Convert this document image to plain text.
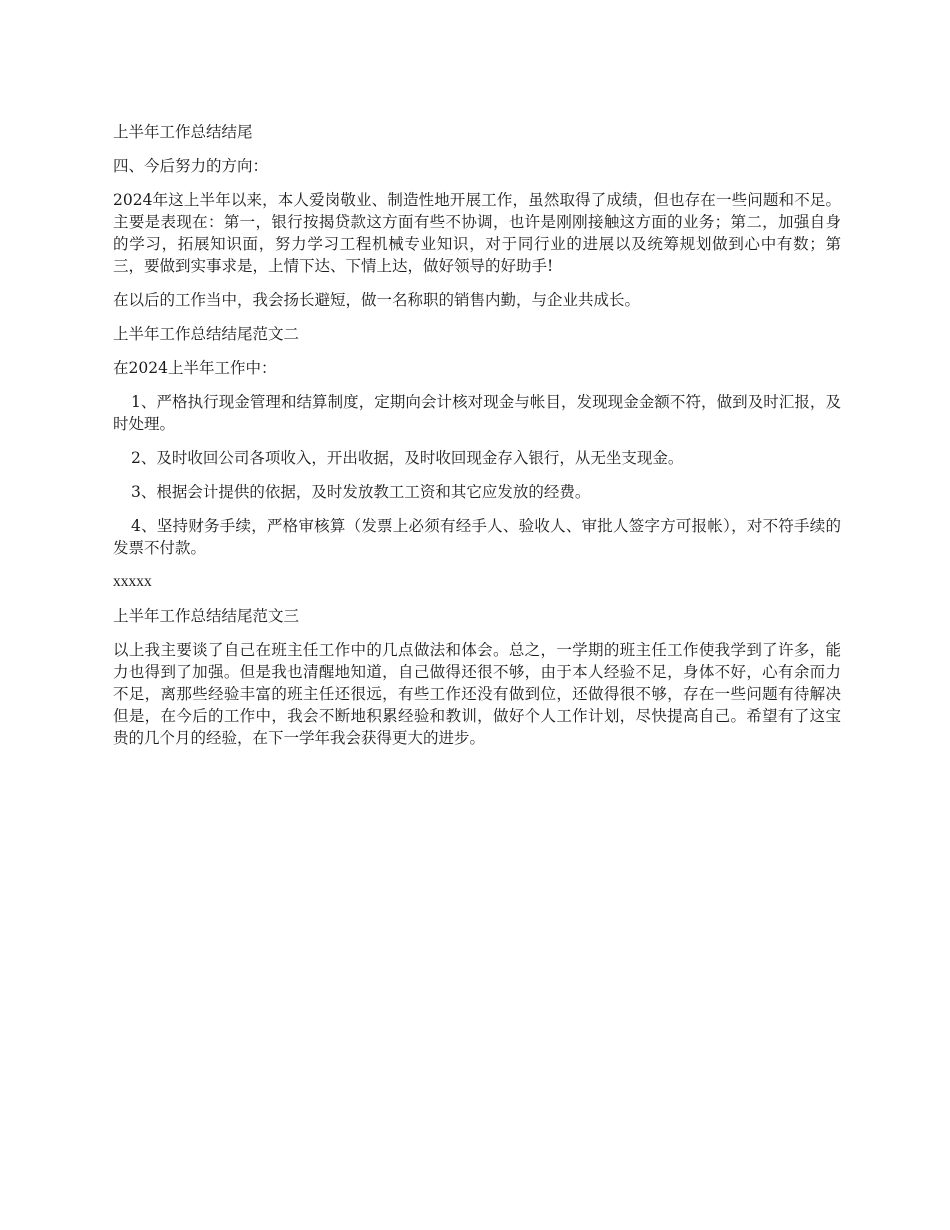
上半年工作总结结尾

四、今后努力的方向：

2024年这上半年以来，本人爱岗敬业、制造性地开展工作，虽然取得了成绩，但也存在一些问题和不足。主要是表现在：第一，银行按揭贷款这方面有些不协调，也许是刚刚接触这方面的业务；第二，加强自身的学习，拓展知识面，努力学习工程机械专业知识，对于同行业的进展以及统筹规划做到心中有数；第三，要做到实事求是，上情下达、下情上达，做好领导的好助手!

在以后的工作当中，我会扬长避短，做一名称职的销售内勤，与企业共成长。

上半年工作总结结尾范文二

在2024上半年工作中：

1、严格执行现金管理和结算制度，定期向会计核对现金与帐目，发现现金金额不符，做到及时汇报，及时处理。

2、及时收回公司各项收入，开出收据，及时收回现金存入银行，从无坐支现金。

3、根据会计提供的依据，及时发放教工工资和其它应发放的经费。

4、坚持财务手续，严格审核算（发票上必须有经手人、验收人、审批人签字方可报帐），对不符手续的发票不付款。

xxxxx

上半年工作总结结尾范文三

以上我主要谈了自己在班主任工作中的几点做法和体会。总之，一学期的班主任工作使我学到了许多，能力也得到了加强。但是我也清醒地知道，自己做得还很不够，由于本人经验不足，身体不好，心有余而力不足，离那些经验丰富的班主任还很远，有些工作还没有做到位，还做得很不够，存在一些问题有待解决但是，在今后的工作中，我会不断地积累经验和教训，做好个人工作计划，尽快提高自己。希望有了这宝贵的几个月的经验，在下一学年我会获得更大的进步。
